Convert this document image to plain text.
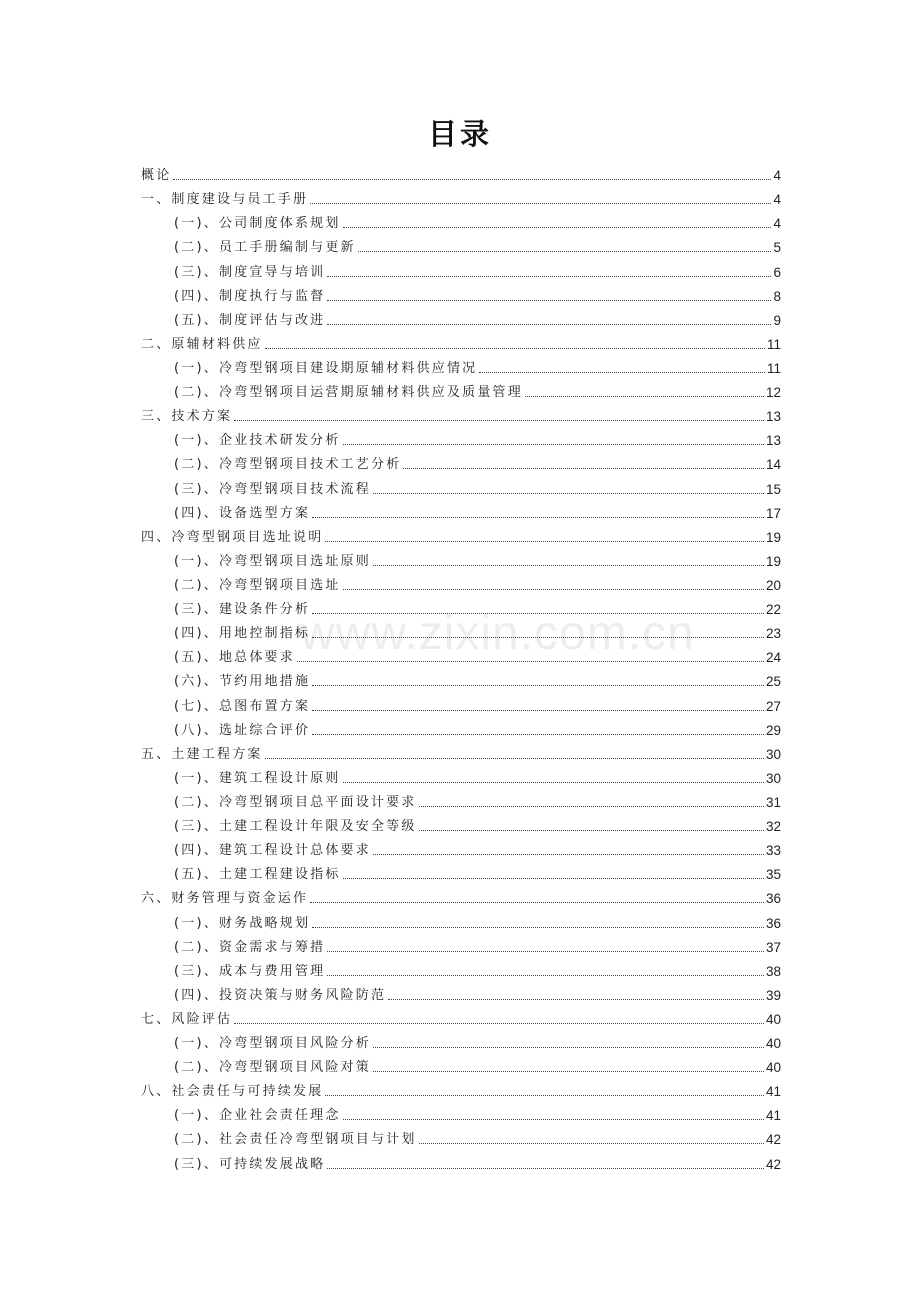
目录
www.zixin.com.cn
概论	4
一、制度建设与员工手册	4
(一)、公司制度体系规划	4
(二)、员工手册编制与更新	5
(三)、制度宣导与培训	6
(四)、制度执行与监督	8
(五)、制度评估与改进	9
二、原辅材料供应	11
(一)、冷弯型钢项目建设期原辅材料供应情况	11
(二)、冷弯型钢项目运营期原辅材料供应及质量管理	12
三、技术方案	13
(一)、企业技术研发分析	13
(二)、冷弯型钢项目技术工艺分析	14
(三)、冷弯型钢项目技术流程	15
(四)、设备选型方案	17
四、冷弯型钢项目选址说明	19
(一)、冷弯型钢项目选址原则	19
(二)、冷弯型钢项目选址	20
(三)、建设条件分析	22
(四)、用地控制指标	23
(五)、地总体要求	24
(六)、节约用地措施	25
(七)、总图布置方案	27
(八)、选址综合评价	29
五、土建工程方案	30
(一)、建筑工程设计原则	30
(二)、冷弯型钢项目总平面设计要求	31
(三)、土建工程设计年限及安全等级	32
(四)、建筑工程设计总体要求	33
(五)、土建工程建设指标	35
六、财务管理与资金运作	36
(一)、财务战略规划	36
(二)、资金需求与筹措	37
(三)、成本与费用管理	38
(四)、投资决策与财务风险防范	39
七、风险评估	40
(一)、冷弯型钢项目风险分析	40
(二)、冷弯型钢项目风险对策	40
八、社会责任与可持续发展	41
(一)、企业社会责任理念	41
(二)、社会责任冷弯型钢项目与计划	42
(三)、可持续发展战略	42
